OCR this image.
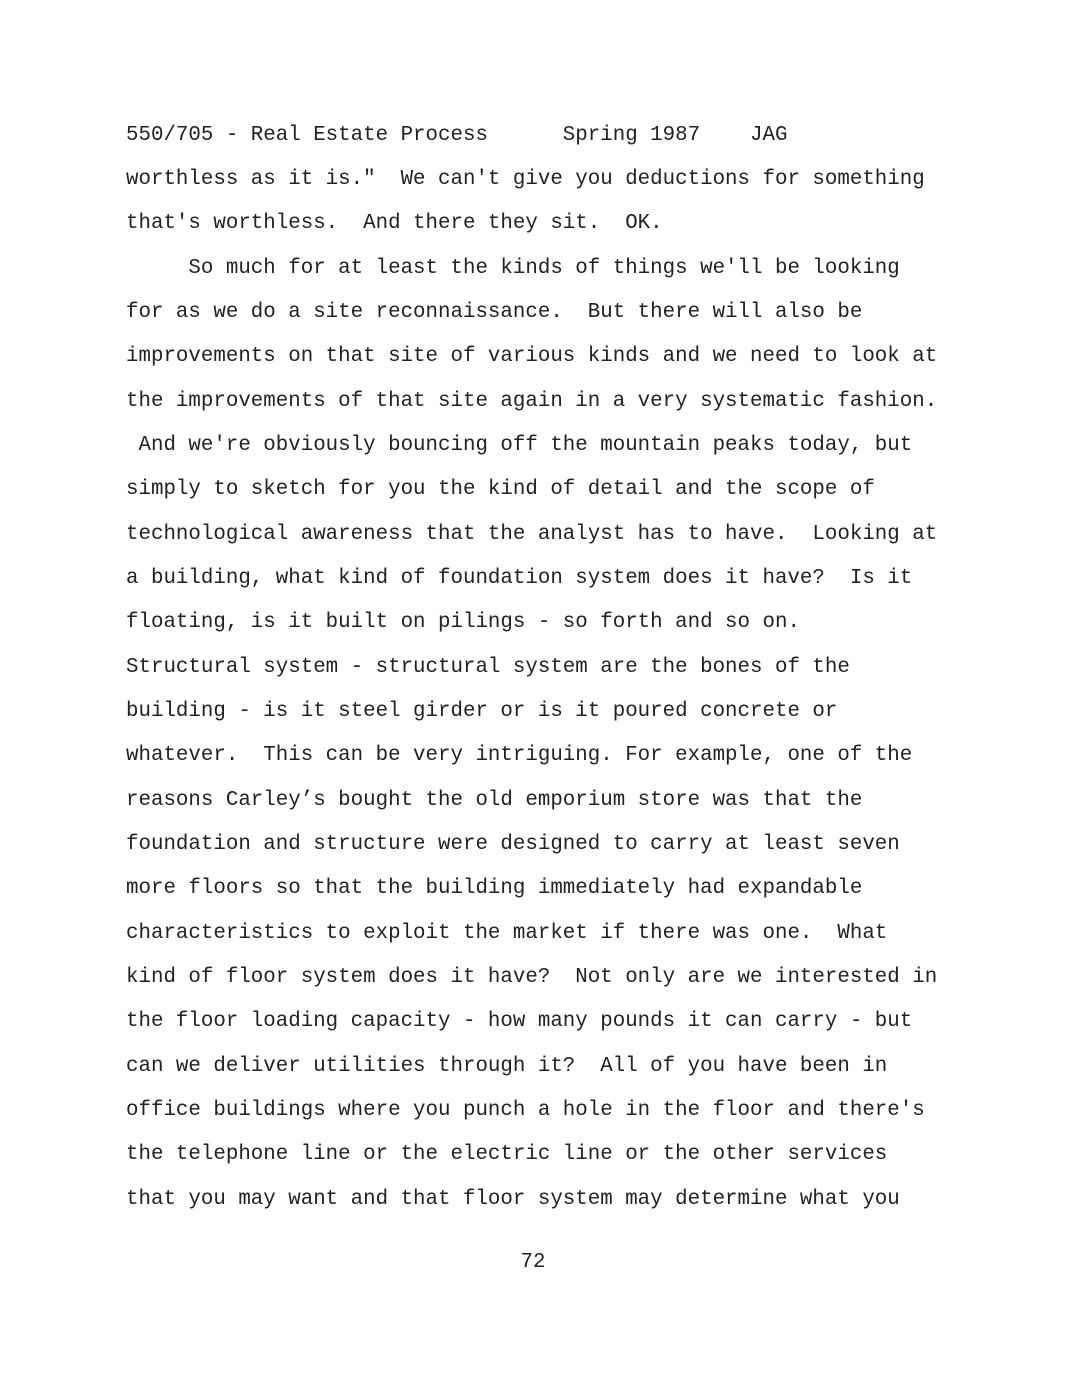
550/705 - Real Estate Process      Spring 1987    JAG
worthless as it is."  We can't give you deductions for something
that's worthless.  And there they sit.  OK.
So much for at least the kinds of things we'll be looking
for as we do a site reconnaissance.  But there will also be
improvements on that site of various kinds and we need to look at
the improvements of that site again in a very systematic fashion.
And we're obviously bouncing off the mountain peaks today, but
simply to sketch for you the kind of detail and the scope of
technological awareness that the analyst has to have.  Looking at
a building, what kind of foundation system does it have?  Is it
floating, is it built on pilings - so forth and so on.
Structural system - structural system are the bones of the
building - is it steel girder or is it poured concrete or
whatever.  This can be very intriguing. For example, one of the
reasons Carley’s bought the old emporium store was that the
foundation and structure were designed to carry at least seven
more floors so that the building immediately had expandable
characteristics to exploit the market if there was one.  What
kind of floor system does it have?  Not only are we interested in
the floor loading capacity - how many pounds it can carry - but
can we deliver utilities through it?  All of you have been in
office buildings where you punch a hole in the floor and there's
the telephone line or the electric line or the other services
that you may want and that floor system may determine what you
72
